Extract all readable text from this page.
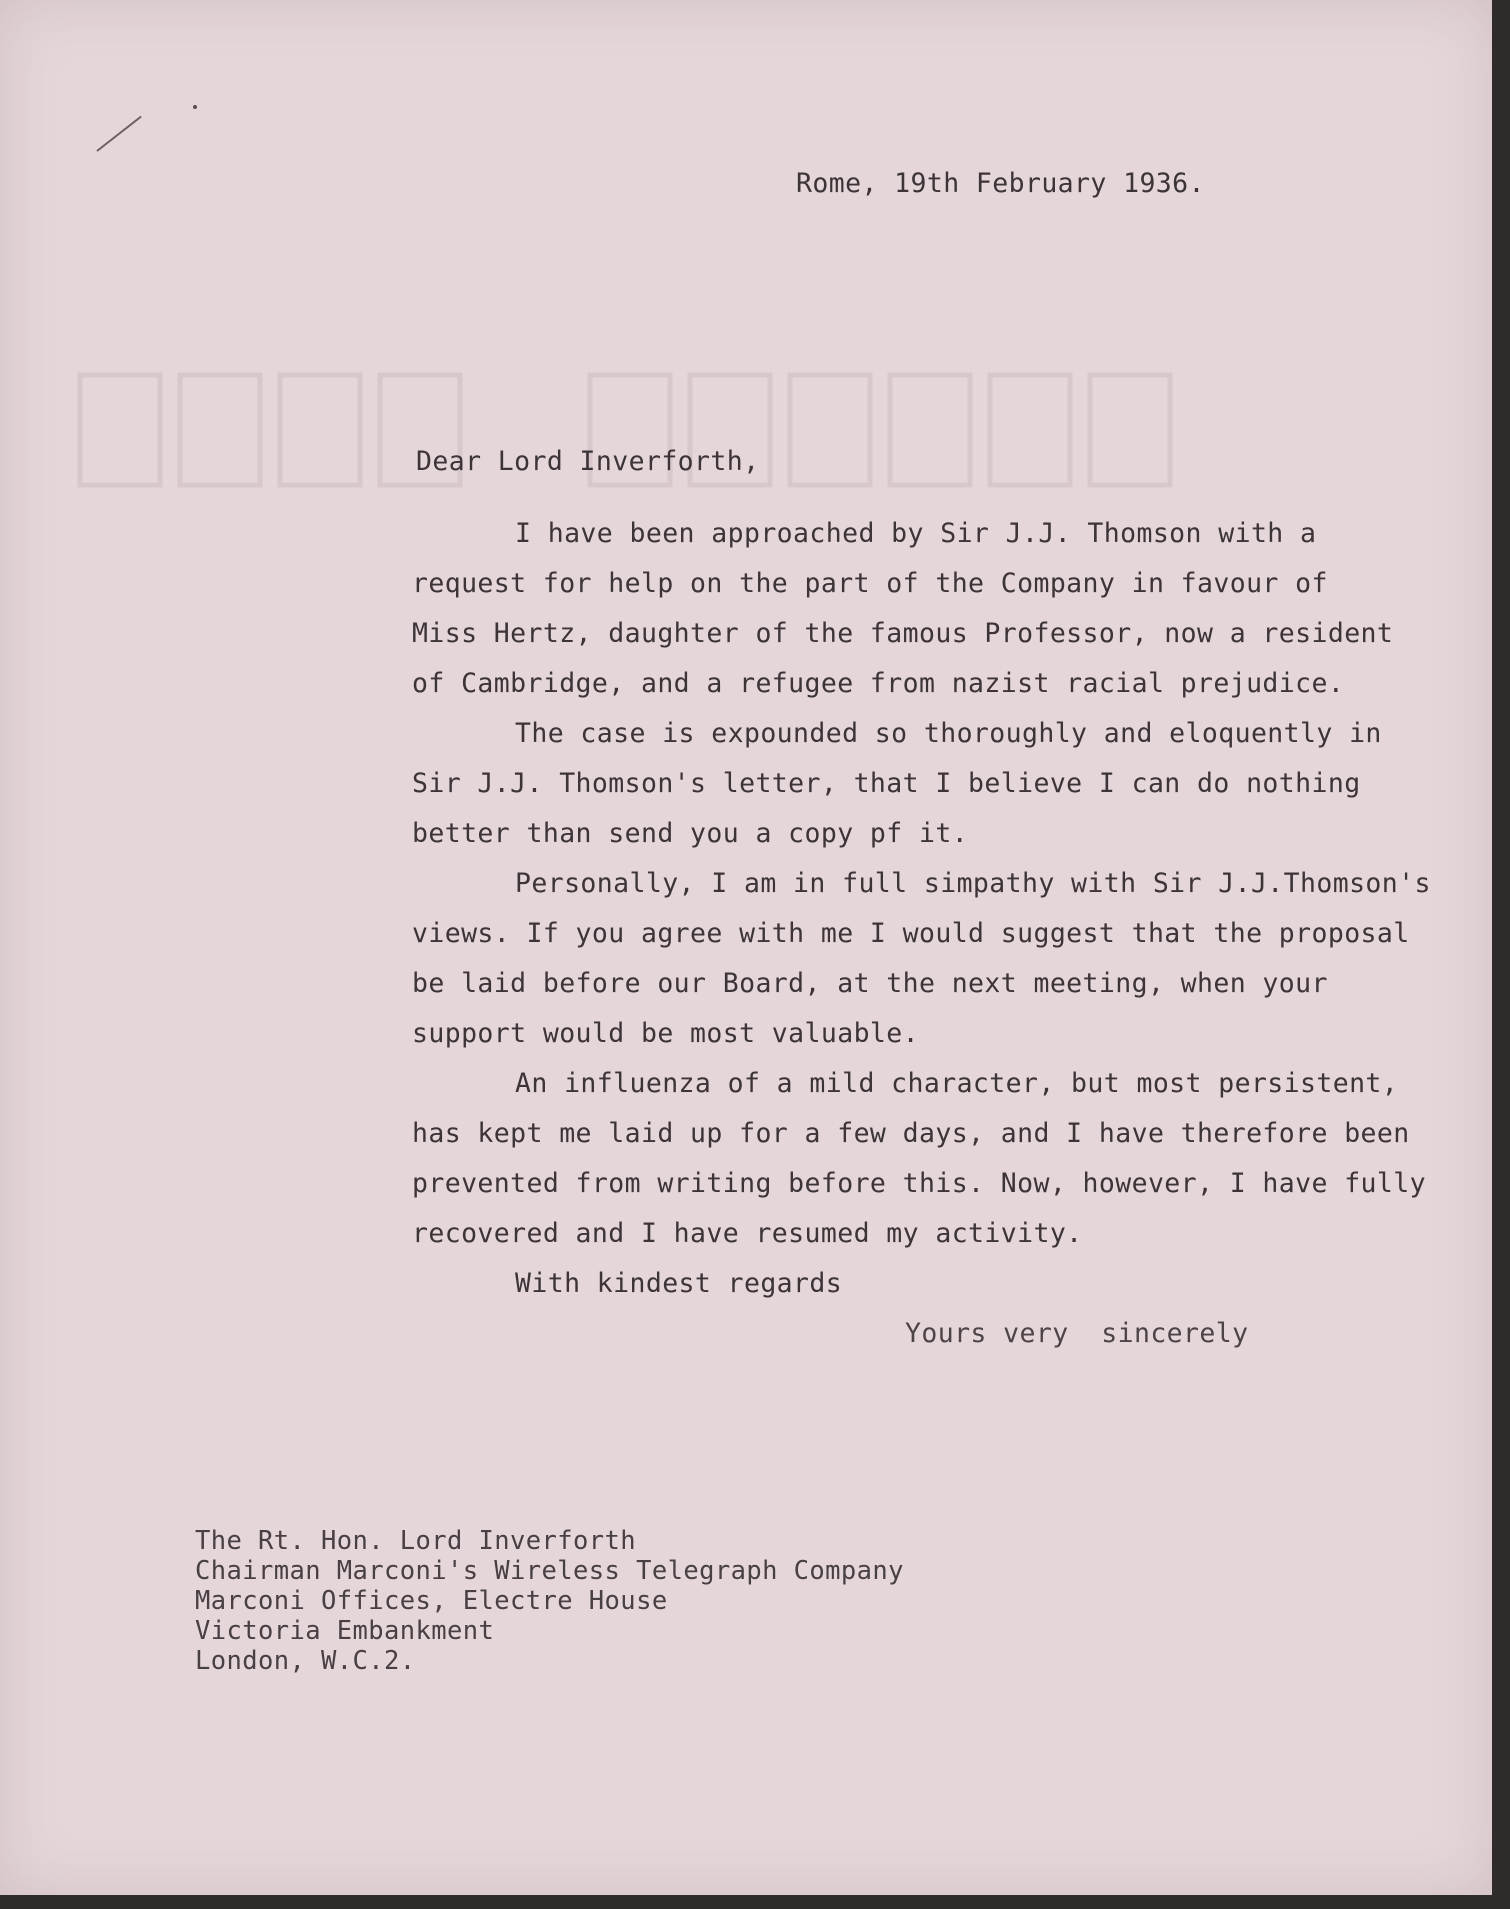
Rome, 19th February 1936.
Dear Lord Inverforth,
I have been approached by Sir J.J. Thomson with a
request for help on the part of the Company in favour of
Miss Hertz, daughter of the famous Professor, now a resident
of Cambridge, and a refugee from nazist racial prejudice.
The case is expounded so thoroughly and eloquently in
Sir J.J. Thomson's letter, that I believe I can do nothing
better than send you a copy pf it.
Personally, I am in full simpathy with Sir J.J.Thomson's
views. If you agree with me I would suggest that the proposal
be laid before our Board, at the next meeting, when your
support would be most valuable.
An influenza of a mild character, but most persistent,
has kept me laid up for a few days, and I have therefore been
prevented from writing before this. Now, however, I have fully
recovered and I have resumed my activity.
With kindest regards
Yours very  sincerely
The Rt. Hon. Lord Inverforth
Chairman Marconi's Wireless Telegraph Company
Marconi Offices, Electre House
Victoria Embankment
London, W.C.2.
